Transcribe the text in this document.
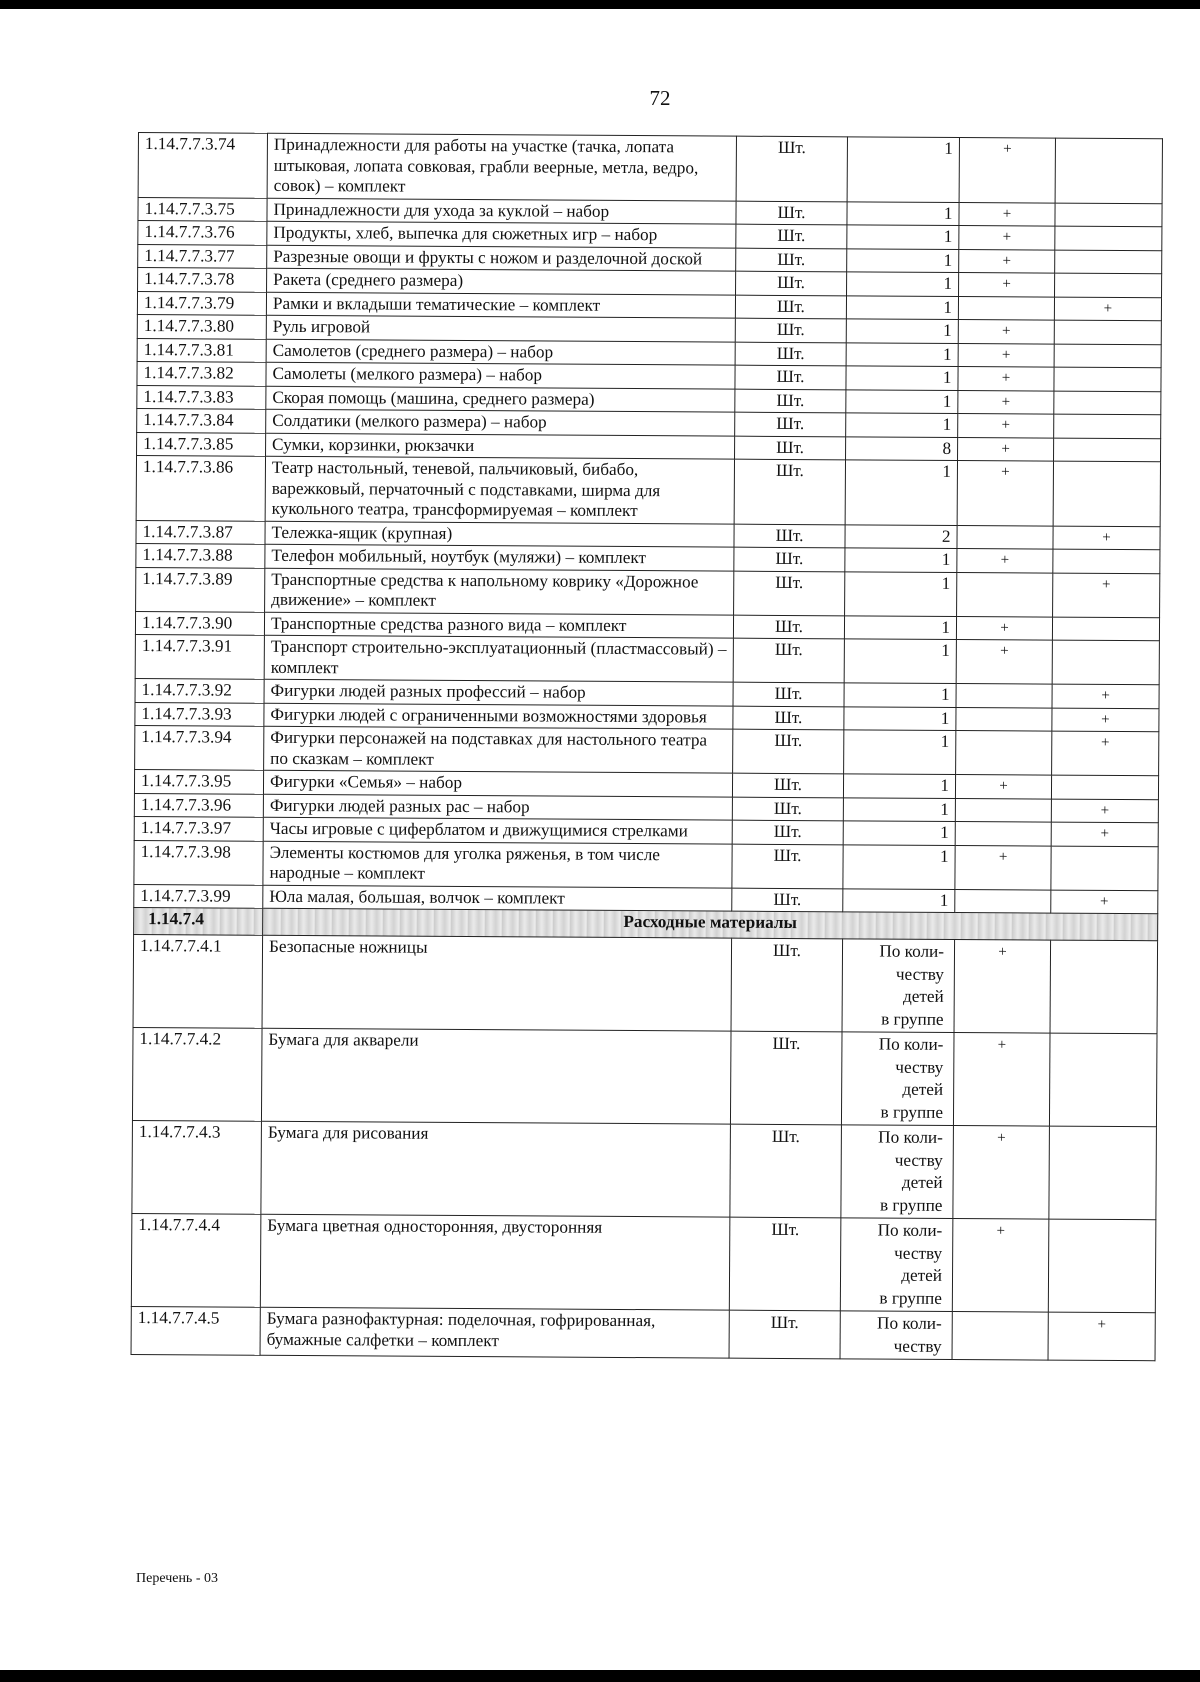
72
1.14.7.7.3.74	Принадлежности для работы на участке (тачка, лопата штыковая, лопата совковая, грабли веерные, метла, ведро, совок) – комплект	Шт.	1	+	
1.14.7.7.3.75	Принадлежности для ухода за куклой – набор	Шт.	1	+	
1.14.7.7.3.76	Продукты, хлеб, выпечка для сюжетных игр – набор	Шт.	1	+	
1.14.7.7.3.77	Разрезные овощи и фрукты с ножом и разделочной доской	Шт.	1	+	
1.14.7.7.3.78	Ракета (среднего размера)	Шт.	1	+	
1.14.7.7.3.79	Рамки и вкладыши тематические – комплект	Шт.	1		+
1.14.7.7.3.80	Руль игровой	Шт.	1	+	
1.14.7.7.3.81	Самолетов (среднего размера) – набор	Шт.	1	+	
1.14.7.7.3.82	Самолеты (мелкого размера) – набор	Шт.	1	+	
1.14.7.7.3.83	Скорая помощь (машина, среднего размера)	Шт.	1	+	
1.14.7.7.3.84	Солдатики (мелкого размера) – набор	Шт.	1	+	
1.14.7.7.3.85	Сумки, корзинки, рюкзачки	Шт.	8	+	
1.14.7.7.3.86	Театр настольный, теневой, пальчиковый, бибабо, варежковый, перчаточный с подставками, ширма для кукольного театра, трансформируемая – комплект	Шт.	1	+	
1.14.7.7.3.87	Тележка-ящик (крупная)	Шт.	2		+
1.14.7.7.3.88	Телефон мобильный, ноутбук (муляжи) – комплект	Шт.	1	+	
1.14.7.7.3.89	Транспортные средства к напольному коврику «Дорожное движение» – комплект	Шт.	1		+
1.14.7.7.3.90	Транспортные средства разного вида – комплект	Шт.	1	+	
1.14.7.7.3.91	Транспорт строительно-эксплуатационный (пластмассовый) – комплект	Шт.	1	+	
1.14.7.7.3.92	Фигурки людей разных профессий – набор	Шт.	1		+
1.14.7.7.3.93	Фигурки людей с ограниченными возможностями здоровья	Шт.	1		+
1.14.7.7.3.94	Фигурки персонажей на подставках для настольного театра по сказкам – комплект	Шт.	1		+
1.14.7.7.3.95	Фигурки «Семья» – набор	Шт.	1	+	
1.14.7.7.3.96	Фигурки людей разных рас – набор	Шт.	1		+
1.14.7.7.3.97	Часы игровые с циферблатом и движущимися стрелками	Шт.	1		+
1.14.7.7.3.98	Элементы костюмов для уголка ряженья, в том числе народные – комплект	Шт.	1	+	
1.14.7.7.3.99	Юла малая, большая, волчок – комплект	Шт.	1		+
1.14.7.4	Расходные материалы				
1.14.7.7.4.1	Безопасные ножницы	Шт.	По коли-
честву
детей
в группе	+	
1.14.7.7.4.2	Бумага для акварели	Шт.	По коли-
честву
детей
в группе	+	
1.14.7.7.4.3	Бумага для рисования	Шт.	По коли-
честву
детей
в группе	+	
1.14.7.7.4.4	Бумага цветная односторонняя, двусторонняя	Шт.	По коли-
честву
детей
в группе	+	
1.14.7.7.4.5	Бумага разнофактурная: поделочная, гофрированная, бумажные салфетки – комплект	Шт.	По коли-
честву		+
Перечень - 03
